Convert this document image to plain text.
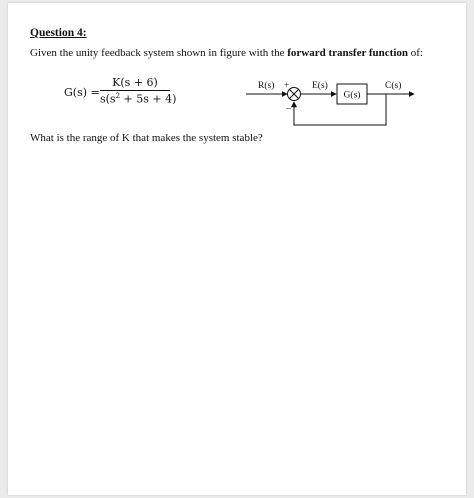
Question 4:
Given the unity feedback system shown in figure with the forward transfer function of:
G(s) =
K(s + 6)
$s(s^2 + 5s + 4)$
R(s) +
−
E(s)
G(s)
C(s)
What is the range of K that makes the system stable?
